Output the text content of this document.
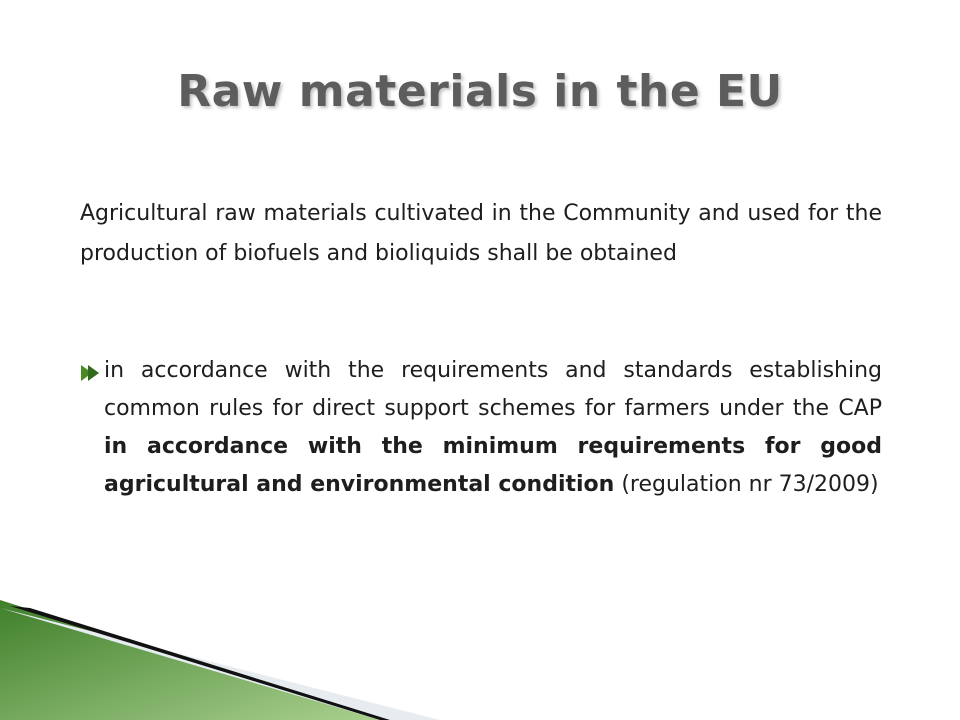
Raw materials in the EU

Agricultural raw materials cultivated in the Community and used for the production of biofuels and bioliquids shall be obtained

in accordance with the requirements and standards establishing common rules for direct support schemes for farmers under the CAP in accordance with the minimum requirements for good agricultural and environmental condition (regulation nr 73/2009)
